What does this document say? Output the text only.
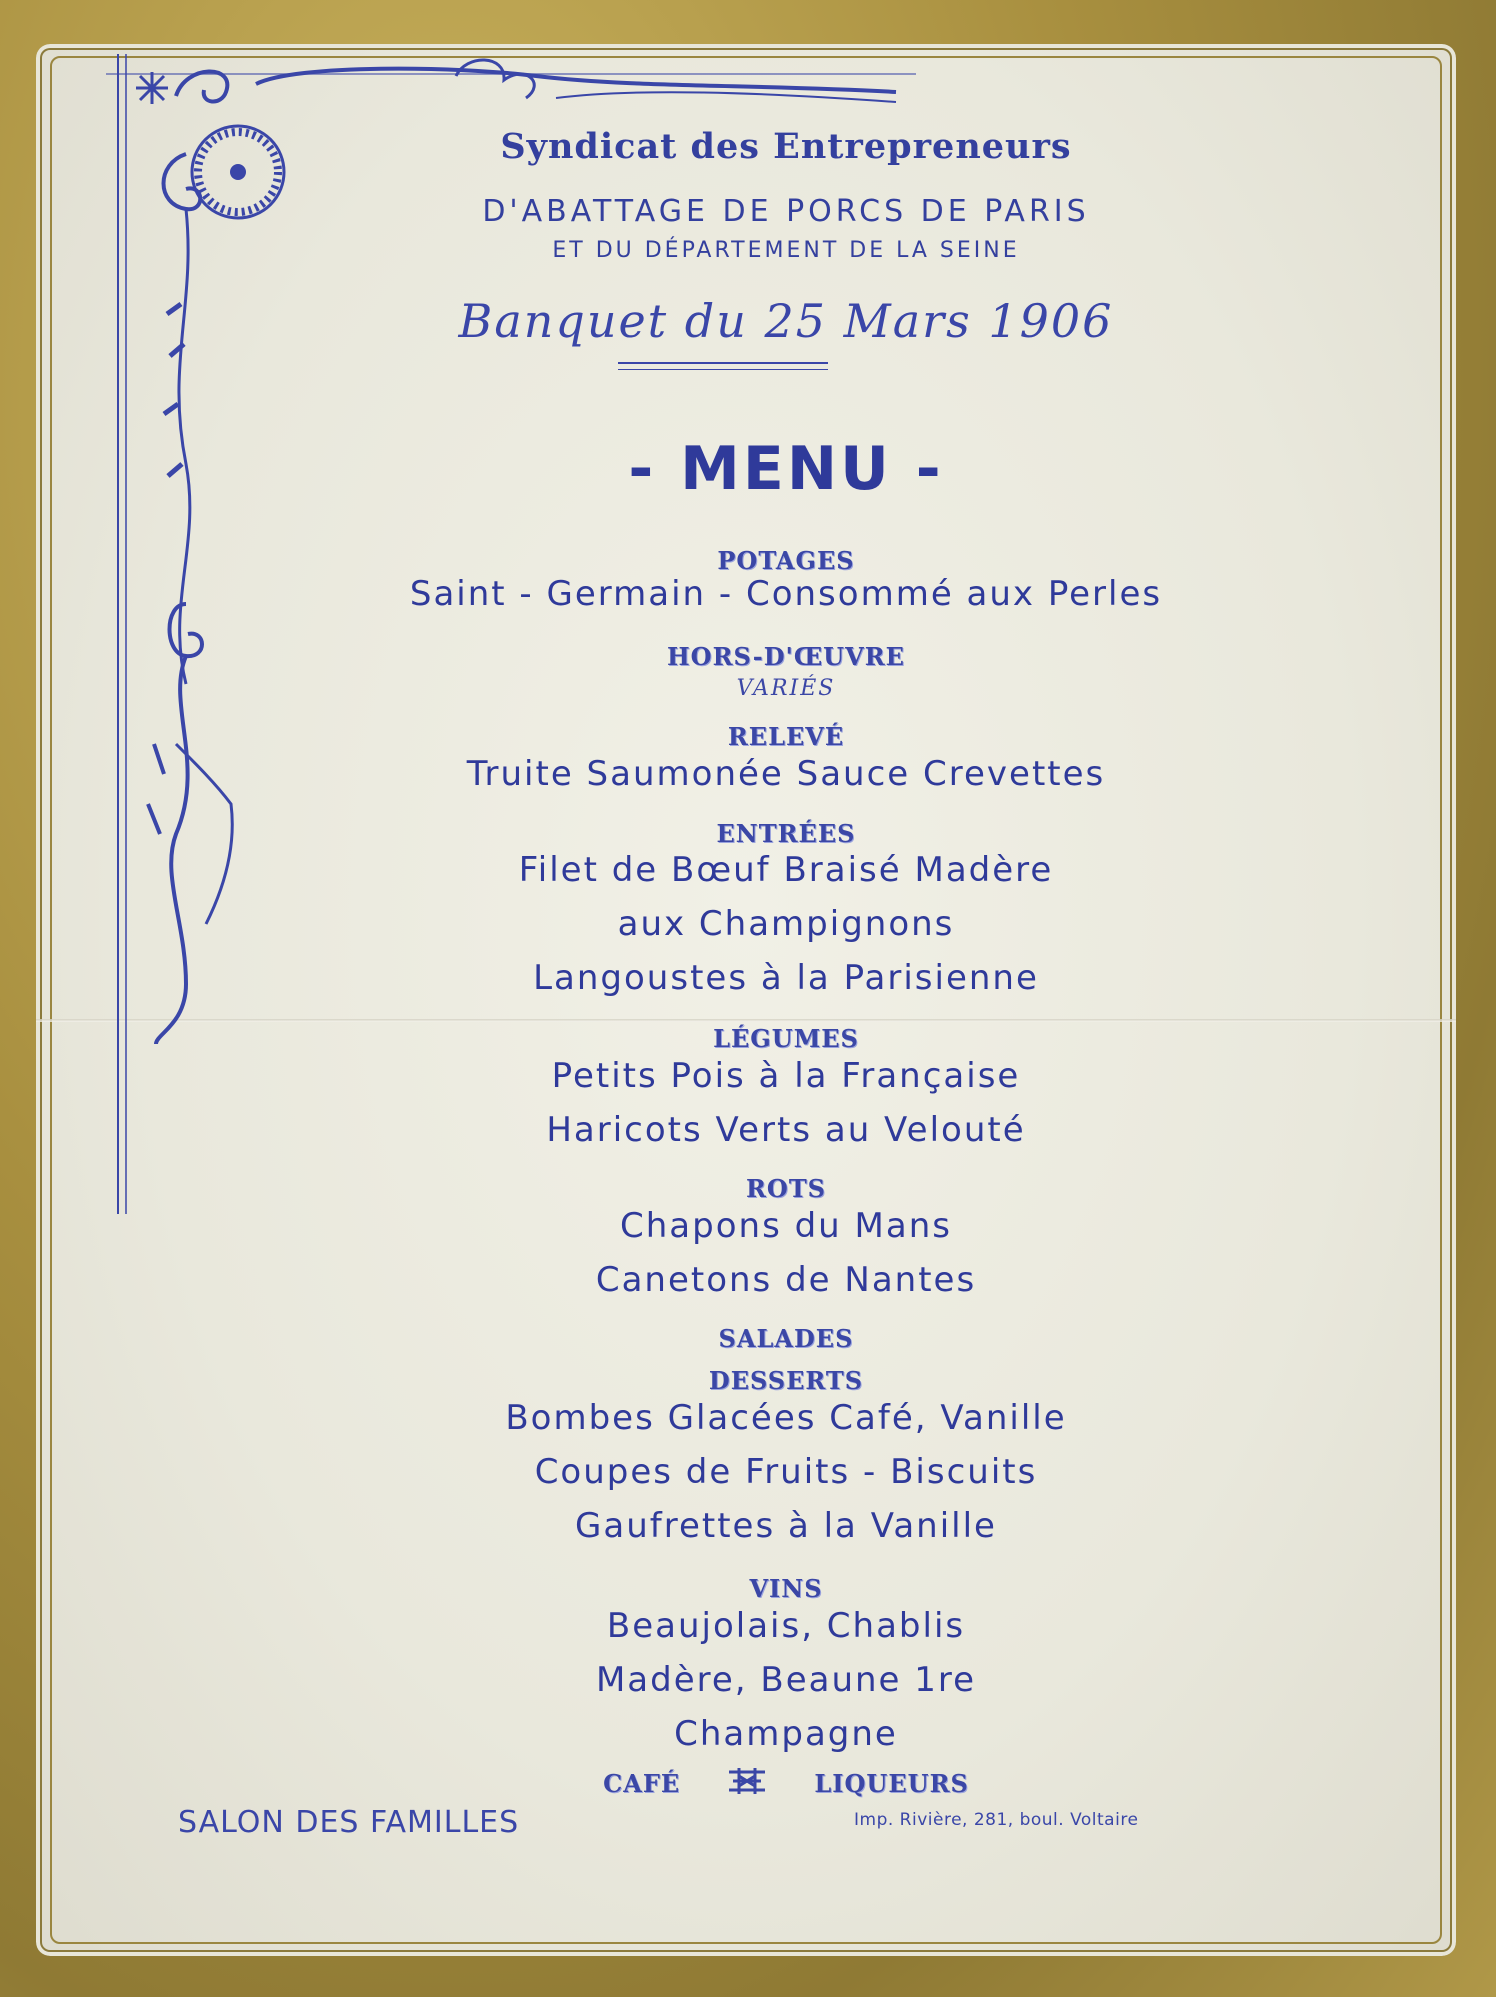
Syndicat des Entrepreneurs
D'ABATTAGE DE PORCS DE PARIS
ET DU DÉPARTEMENT DE LA SEINE
Banquet du 25 Mars 1906
- MENU -
POTAGES
Saint - Germain - Consommé aux Perles
HORS-D'ŒUVRE
VARIÉS
RELEVÉ
Truite Saumonée Sauce Crevettes
ENTRÉES
Filet de Bœuf Braisé Madère
aux Champignons
Langoustes à la Parisienne
LÉGUMES
Petits Pois à la Française
Haricots Verts au Velouté
ROTS
Chapons du Mans
Canetons de Nantes
SALADES
DESSERTS
Bombes Glacées Café, Vanille
Coupes de Fruits - Biscuits
Gaufrettes à la Vanille
VINS
Beaujolais, Chablis
Madère, Beaune 1re
Champagne
CAFÉ	LIQUEURS
SALON DES FAMILLES	Imp. Rivière, 281, boul. Voltaire
